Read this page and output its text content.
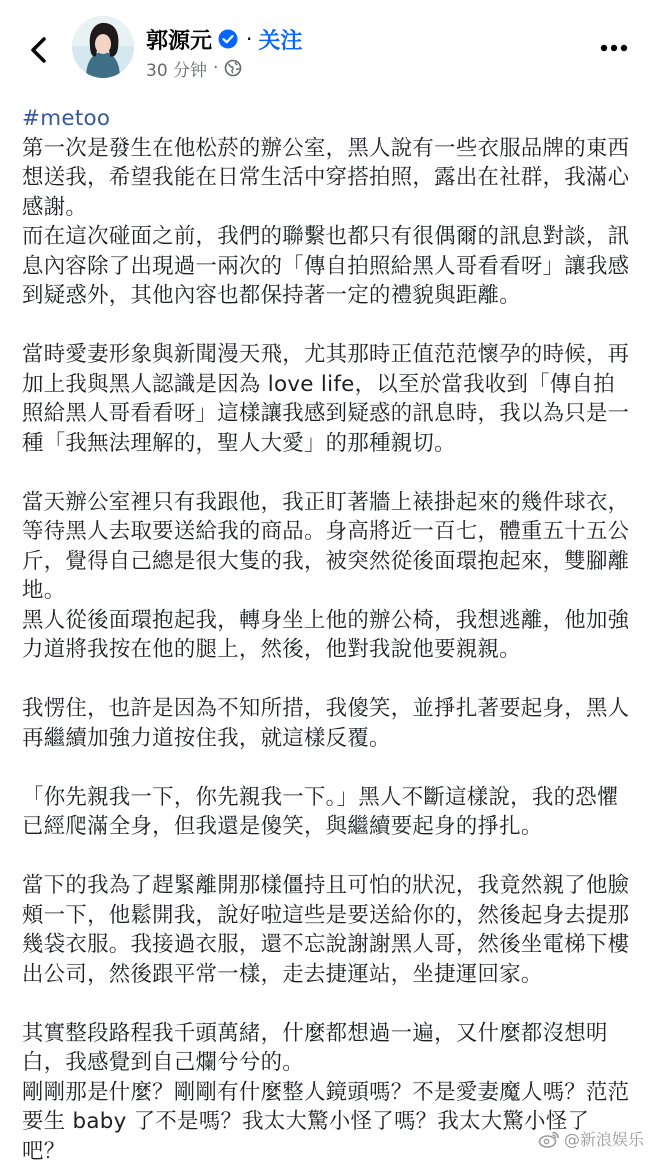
郭源元 · 关注
30 分钟 ·
#metoo

第一次是發生在他松菸的辦公室，黑人說有一些衣服品牌的東西想送我，希望我能在日常生活中穿搭拍照，露出在社群，我滿心感謝。
而在這次碰面之前，我們的聯繫也都只有很偶爾的訊息對談，訊息內容除了出現過一兩次的「傳自拍照給黑人哥看看呀」讓我感到疑惑外，其他內容也都保持著一定的禮貌與距離。

當時愛妻形象與新聞漫天飛，尤其那時正值范范懷孕的時候，再加上我與黑人認識是因為 love life，以至於當我收到「傳自拍照給黑人哥看看呀」這樣讓我感到疑惑的訊息時，我以為只是一種「我無法理解的，聖人大愛」的那種親切。

當天辦公室裡只有我跟他，我正盯著牆上裱掛起來的幾件球衣，等待黑人去取要送給我的商品。身高將近一百七，體重五十五公斤，覺得自己總是很大隻的我，被突然從後面環抱起來，雙腳離地。
黑人從後面環抱起我，轉身坐上他的辦公椅，我想逃離，他加強力道將我按在他的腿上，然後，他對我說他要親親。

我愣住，也許是因為不知所措，我傻笑，並掙扎著要起身，黑人再繼續加強力道按住我，就這樣反覆。

「你先親我一下，你先親我一下。」黑人不斷這樣說，我的恐懼已經爬滿全身，但我還是傻笑，與繼續要起身的掙扎。

當下的我為了趕緊離開那樣僵持且可怕的狀況，我竟然親了他臉頰一下，他鬆開我，說好啦這些是要送給你的，然後起身去提那幾袋衣服。我接過衣服，還不忘說謝謝黑人哥，然後坐電梯下樓出公司，然後跟平常一樣，走去捷運站，坐捷運回家。

其實整段路程我千頭萬緒，什麼都想過一遍，又什麼都沒想明白，我感覺到自己爛兮兮的。
剛剛那是什麼？剛剛有什麼整人鏡頭嗎？不是愛妻魔人嗎？范范要生 baby 了不是嗎？我太大驚小怪了嗎？我太大驚小怪了吧？	@新浪娱乐
